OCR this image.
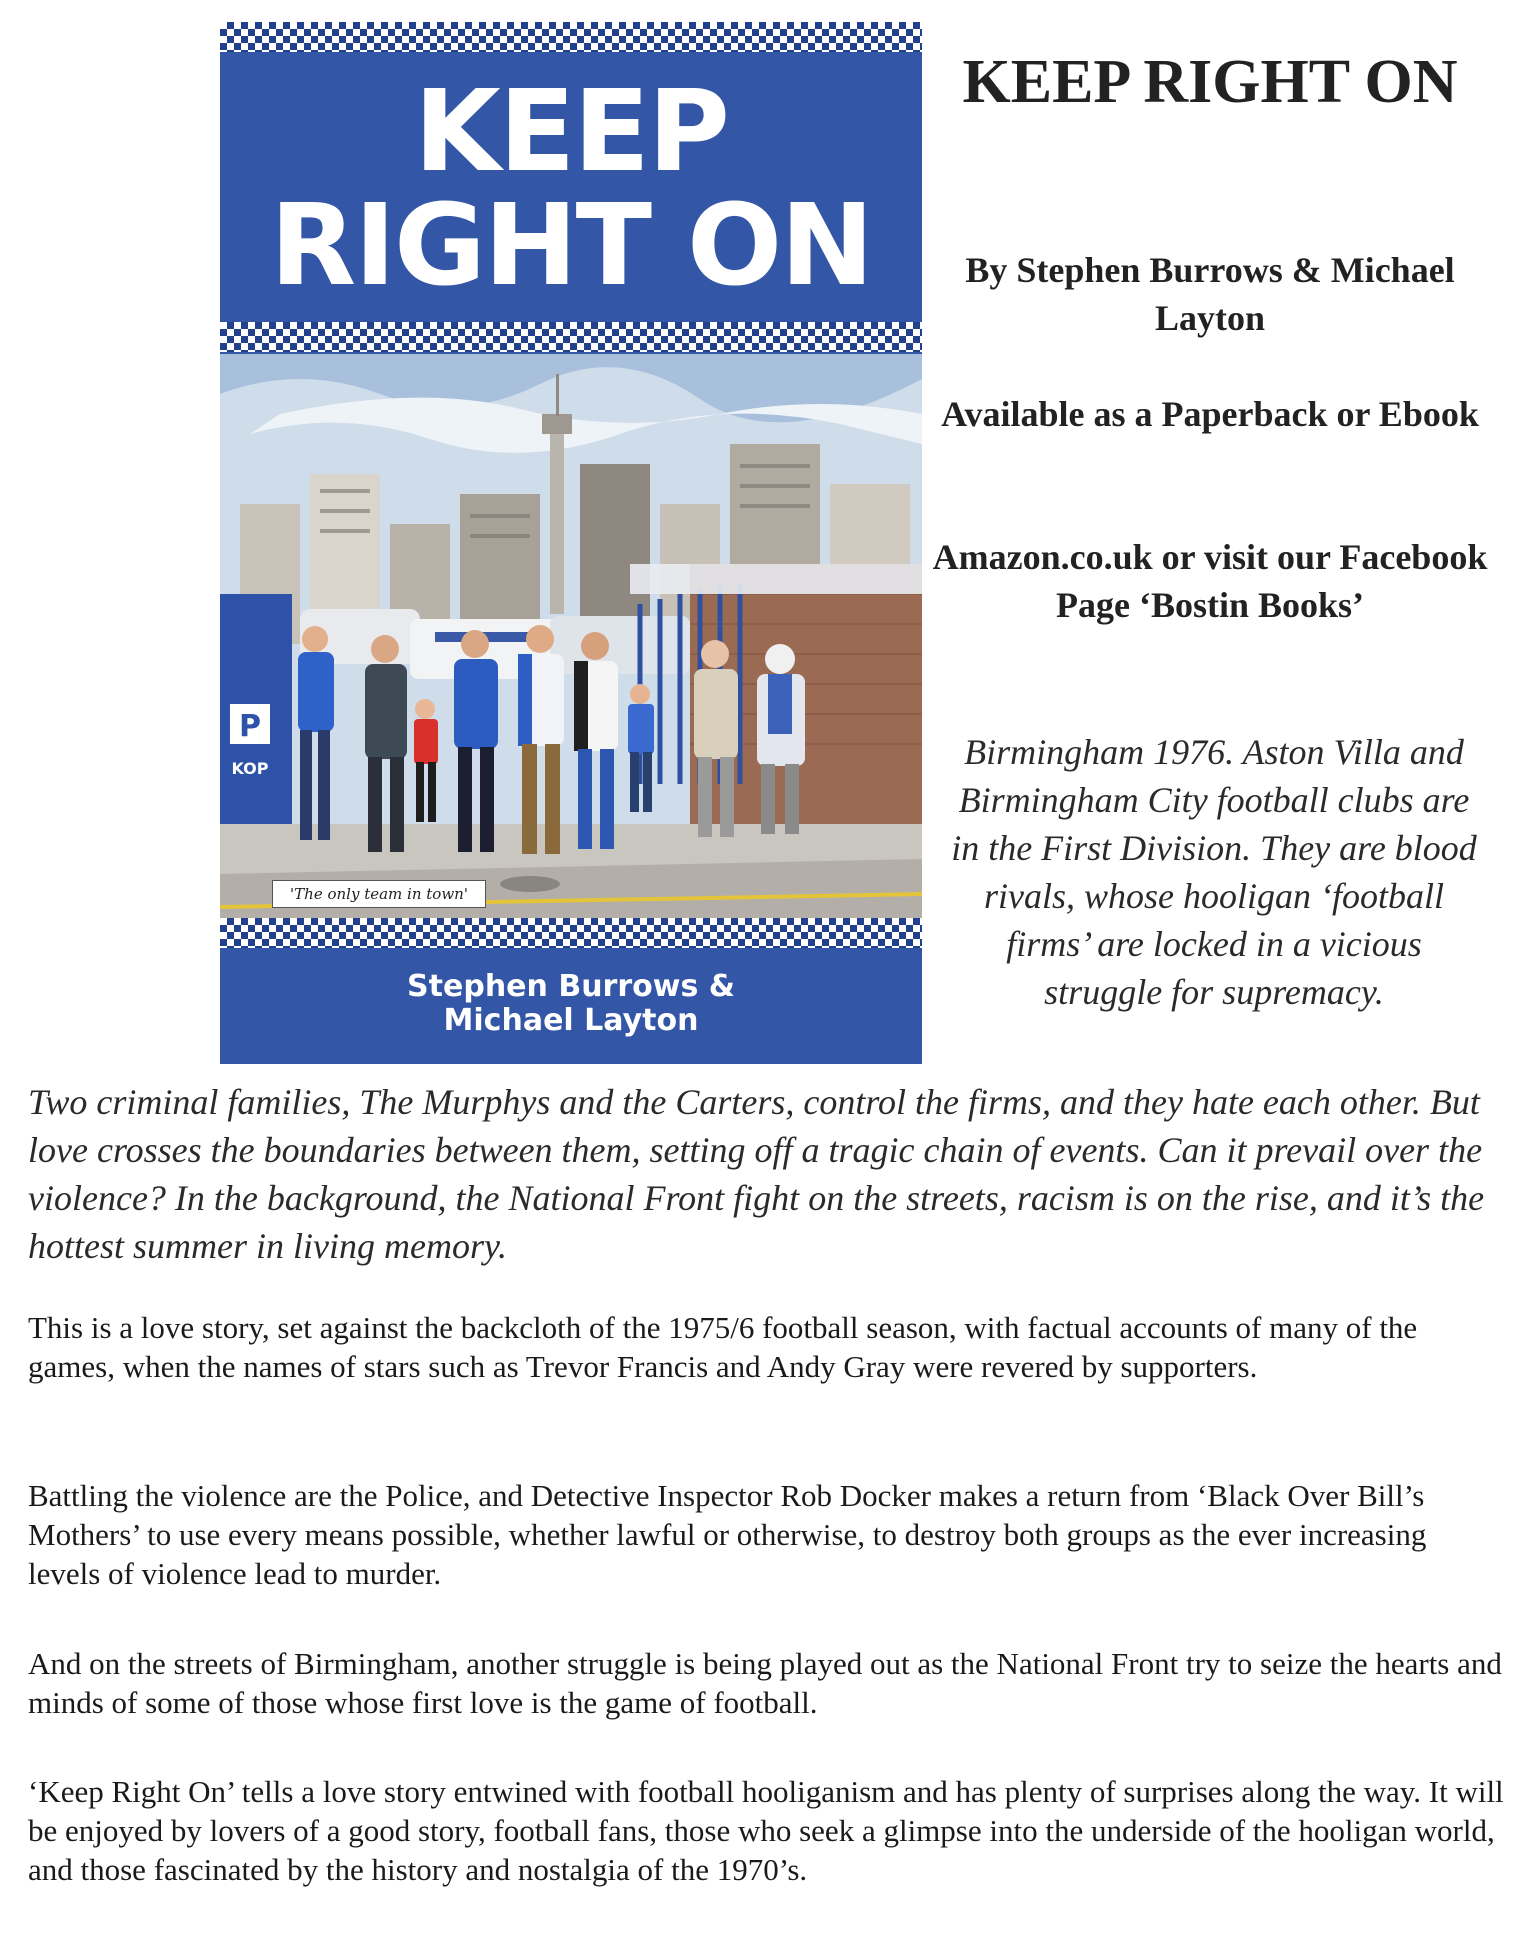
KEEP
RIGHT ON
P
KOP
'The only team in town'
Stephen Burrows &
Michael Layton
KEEP RIGHT ON
By Stephen Burrows & Michael Layton
Available as a Paperback or Ebook
Amazon.co.uk or visit our Facebook Page ‘Bostin Books’
Birmingham 1976. Aston Villa and Birmingham City football clubs are in the First Division. They are blood rivals, whose hooligan ‘football firms’ are locked in a vicious struggle for supremacy.
Two criminal families, The Murphys and the Carters, control the firms, and they hate each other. But love crosses the boundaries between them, setting off a tragic chain of events. Can it prevail over the violence? In the background, the National Front fight on the streets, racism is on the rise, and it’s the hottest summer in living memory.
This is a love story, set against the backcloth of the 1975/6 football season, with factual accounts of many of the games, when the names of stars such as Trevor Francis and Andy Gray were revered by supporters.
Battling the violence are the Police, and Detective Inspector Rob Docker makes a return from ‘Black Over Bill’s Mothers’ to use every means possible, whether lawful or otherwise, to destroy both groups as the ever increasing levels of violence lead to murder.
And on the streets of Birmingham, another struggle is being played out as the National Front try to seize the hearts and minds of some of those whose first love is the game of football.
‘Keep Right On’ tells a love story entwined with football hooliganism and has plenty of surprises along the way. It will be enjoyed by lovers of a good story, football fans, those who seek a glimpse into the underside of the hooligan world, and those fascinated by the history and nostalgia of the 1970’s.
